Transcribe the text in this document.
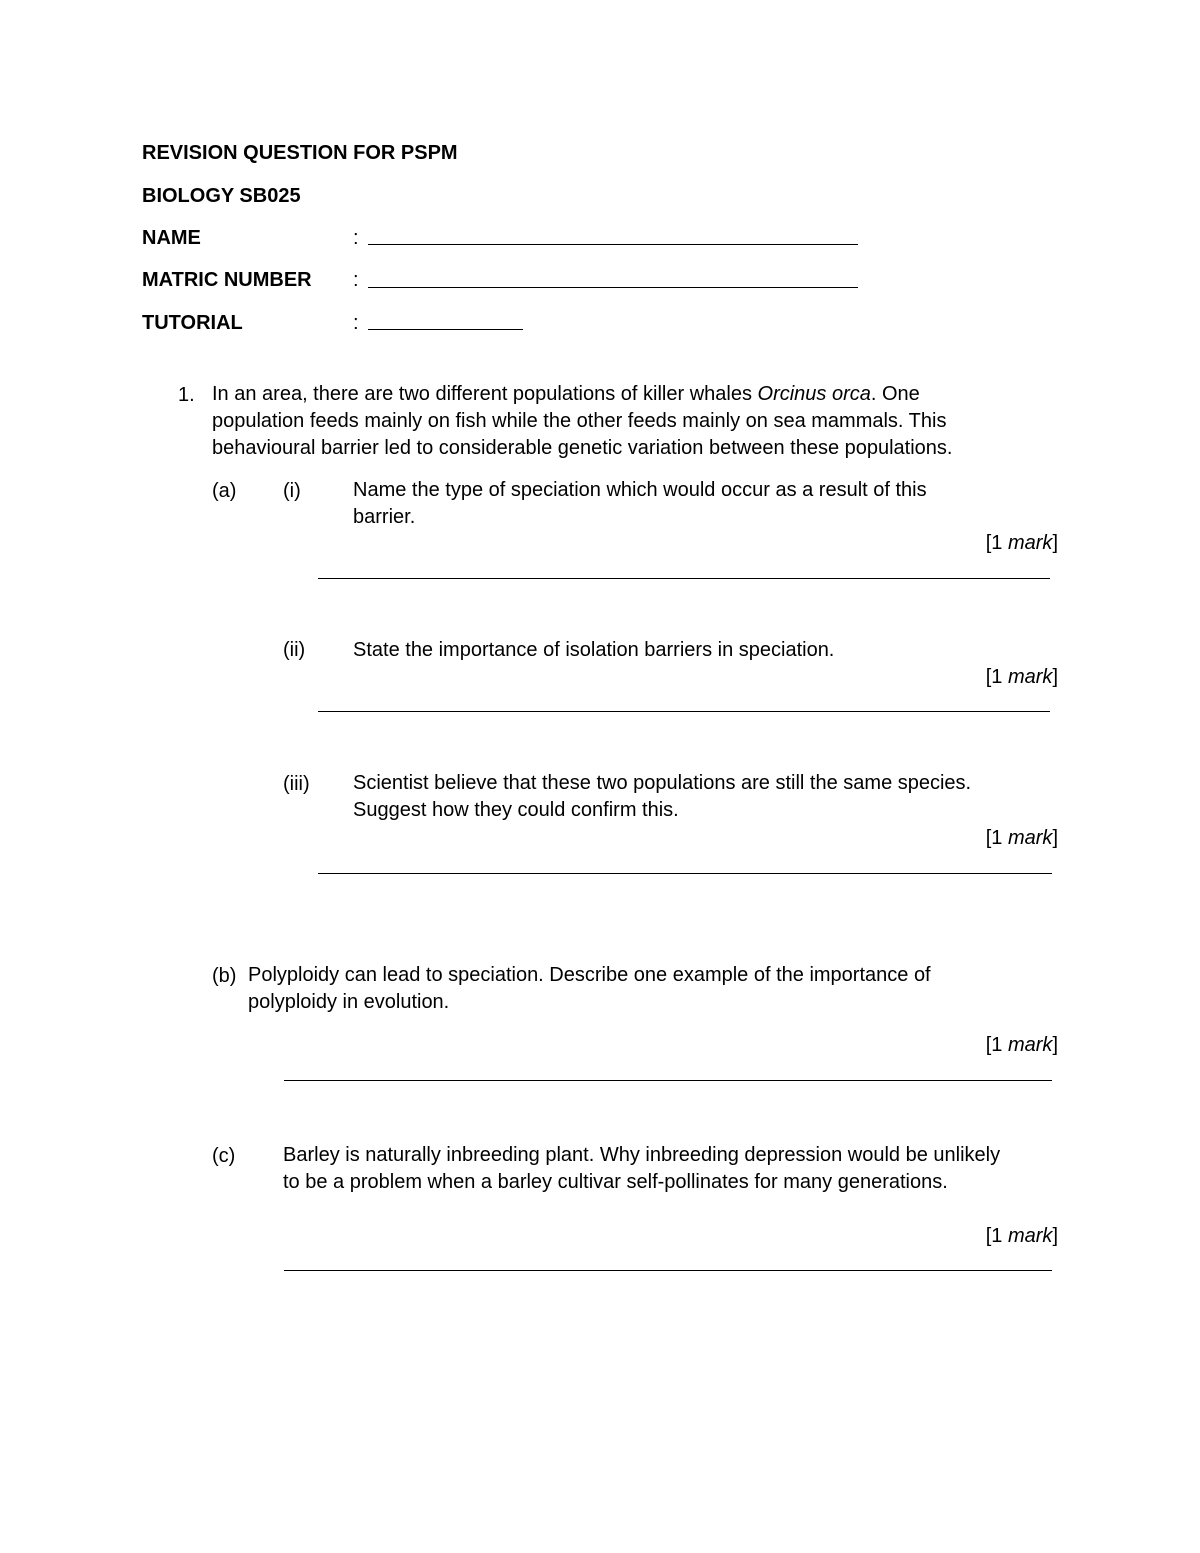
REVISION QUESTION FOR PSPM
BIOLOGY SB025
NAME	:
MATRIC NUMBER :
TUTORIAL	:
1. In an area, there are two different populations of killer whales Orcinus orca. One
population feeds mainly on fish while the other feeds mainly on sea mammals. This
behavioural barrier led to considerable genetic variation between these populations.
(a) (i)	Name the type of speciation which would occur as a result of this
barrier.
[1 mark]
(ii) State the importance of isolation barriers in speciation.
[1 mark]
(iii) Scientist believe that these two populations are still the same species.
Suggest how they could confirm this.
[1 mark]
(b) Polyploidy can lead to speciation. Describe one example of the importance of
polyploidy in evolution.
[1 mark]
(c) Barley is naturally inbreeding plant. Why inbreeding depression would be unlikely
to be a problem when a barley cultivar self-pollinates for many generations.
[1 mark]
